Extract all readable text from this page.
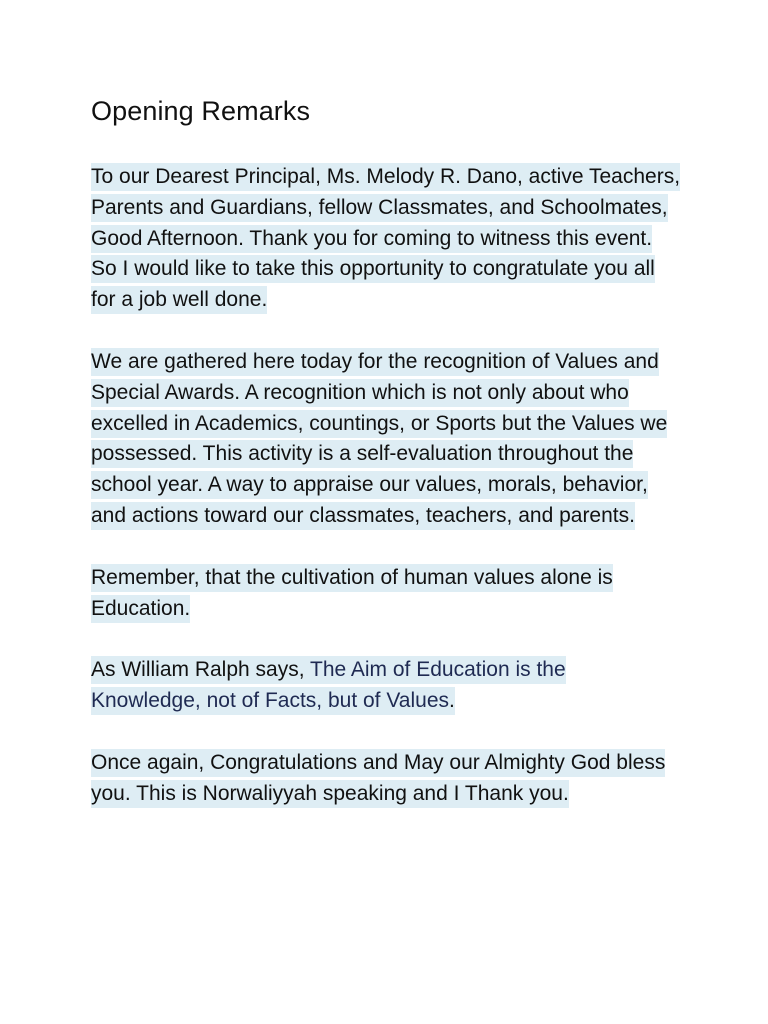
Opening Remarks

To our Dearest Principal, Ms. Melody R. Dano, active Teachers, Parents and Guardians, fellow Classmates, and Schoolmates, Good Afternoon. Thank you for coming to witness this event. So I would like to take this opportunity to congratulate you all for a job well done.

We are gathered here today for the recognition of Values and Special Awards. A recognition which is not only about who excelled in Academics, countings, or Sports but the Values we possessed. This activity is a self-evaluation throughout the school year. A way to appraise our values, morals, behavior, and actions toward our classmates, teachers, and parents.

Remember, that the cultivation of human values alone is Education.

As William Ralph says, The Aim of Education is the Knowledge, not of Facts, but of Values.

Once again, Congratulations and May our Almighty God bless you. This is Norwaliyyah speaking and I Thank you.
